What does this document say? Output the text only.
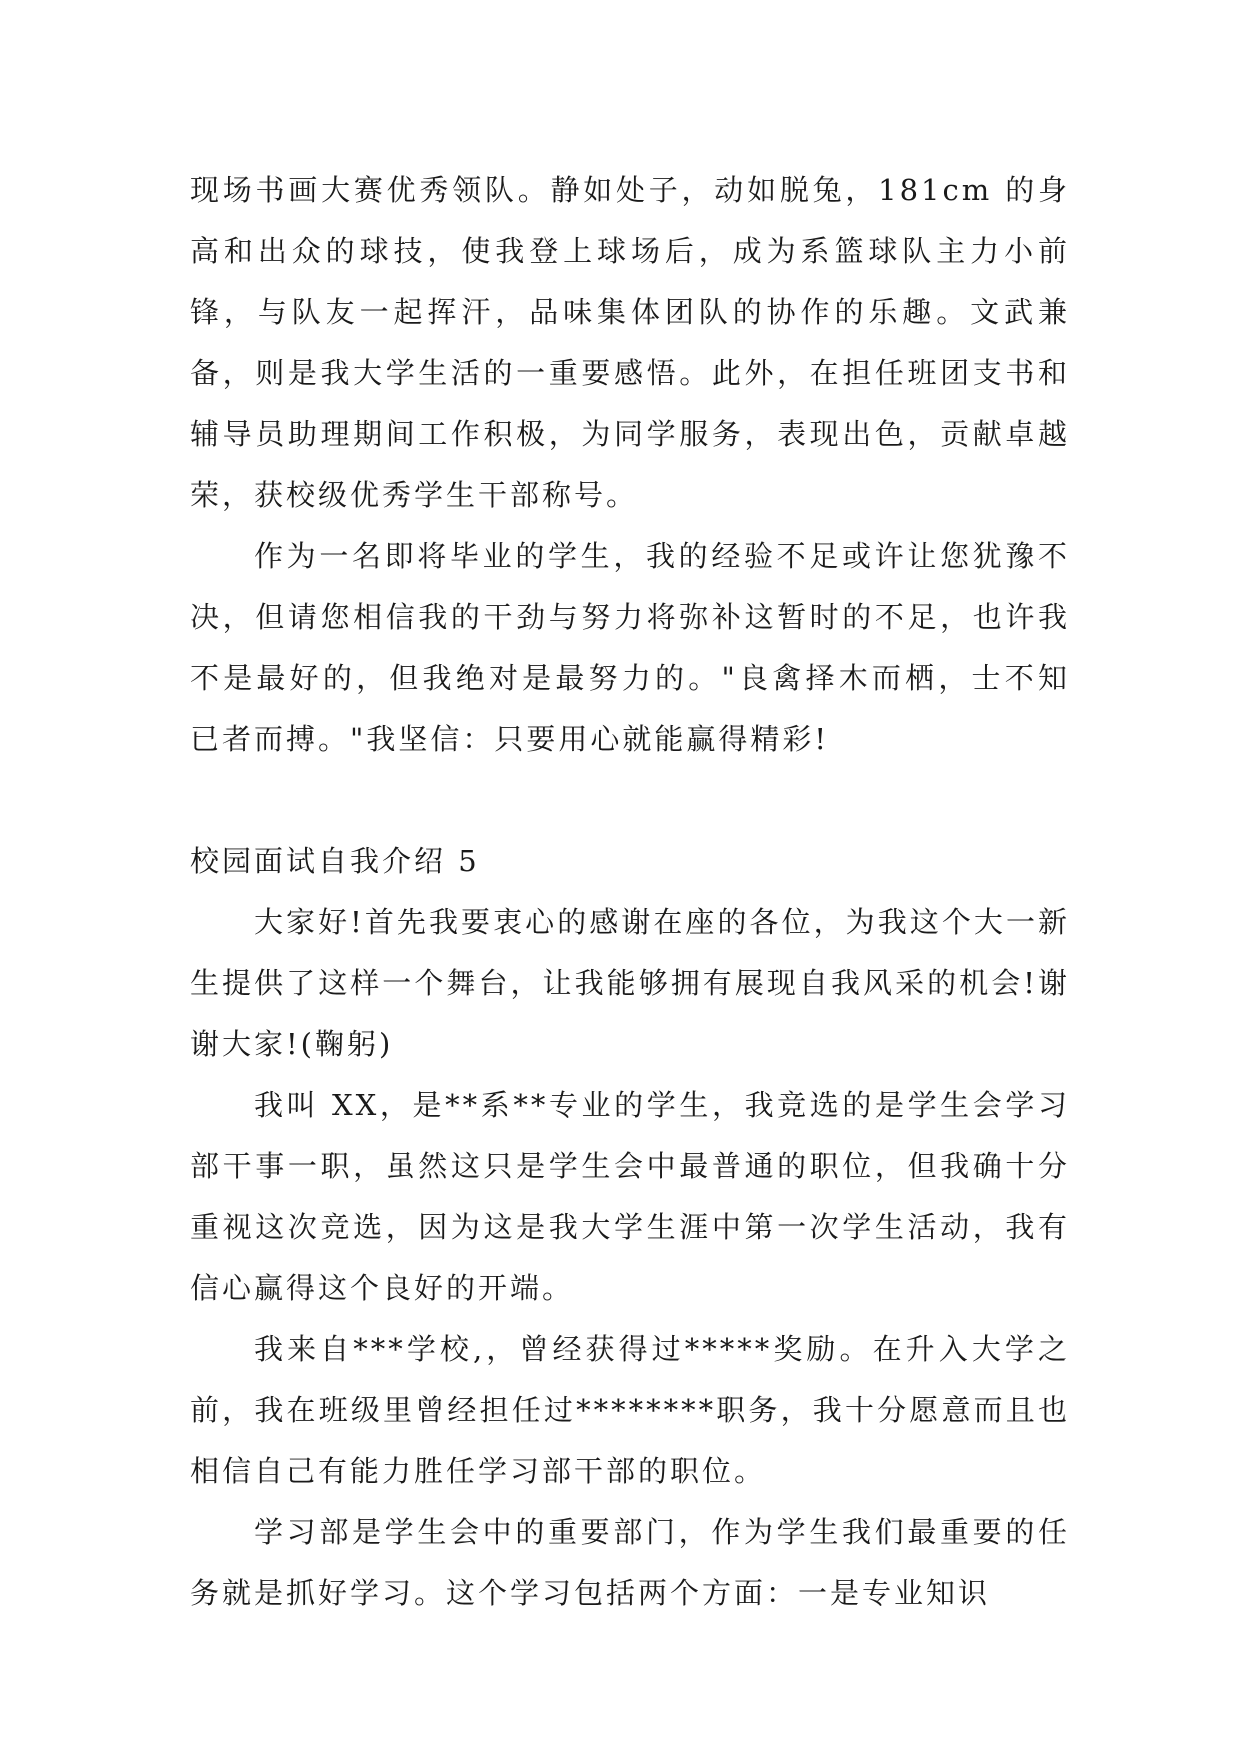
现场书画大赛优秀领队。静如处子，动如脱兔，181cm 的身高和出众的球技，使我登上球场后，成为系篮球队主力小前锋，与队友一起挥汗，品味集体团队的协作的乐趣。文武兼备，则是我大学生活的一重要感悟。此外，在担任班团支书和辅导员助理期间工作积极，为同学服务，表现出色，贡献卓越荣，获校级优秀学生干部称号。

作为一名即将毕业的学生，我的经验不足或许让您犹豫不决，但请您相信我的干劲与努力将弥补这暂时的不足，也许我不是最好的，但我绝对是最努力的。"良禽择木而栖，士不知已者而搏。"我坚信：只要用心就能赢得精彩!

校园面试自我介绍 5

大家好!首先我要衷心的感谢在座的各位，为我这个大一新生提供了这样一个舞台，让我能够拥有展现自我风采的机会!谢谢大家!(鞠躬)

我叫 XX，是**系**专业的学生，我竞选的是学生会学习部干事一职，虽然这只是学生会中最普通的职位，但我确十分重视这次竞选，因为这是我大学生涯中第一次学生活动，我有信心赢得这个良好的开端。

我来自***学校,，曾经获得过*****奖励。在升入大学之前，我在班级里曾经担任过********职务，我十分愿意而且也相信自己有能力胜任学习部干部的职位。

学习部是学生会中的重要部门，作为学生我们最重要的任务就是抓好学习。这个学习包括两个方面：一是专业知识
